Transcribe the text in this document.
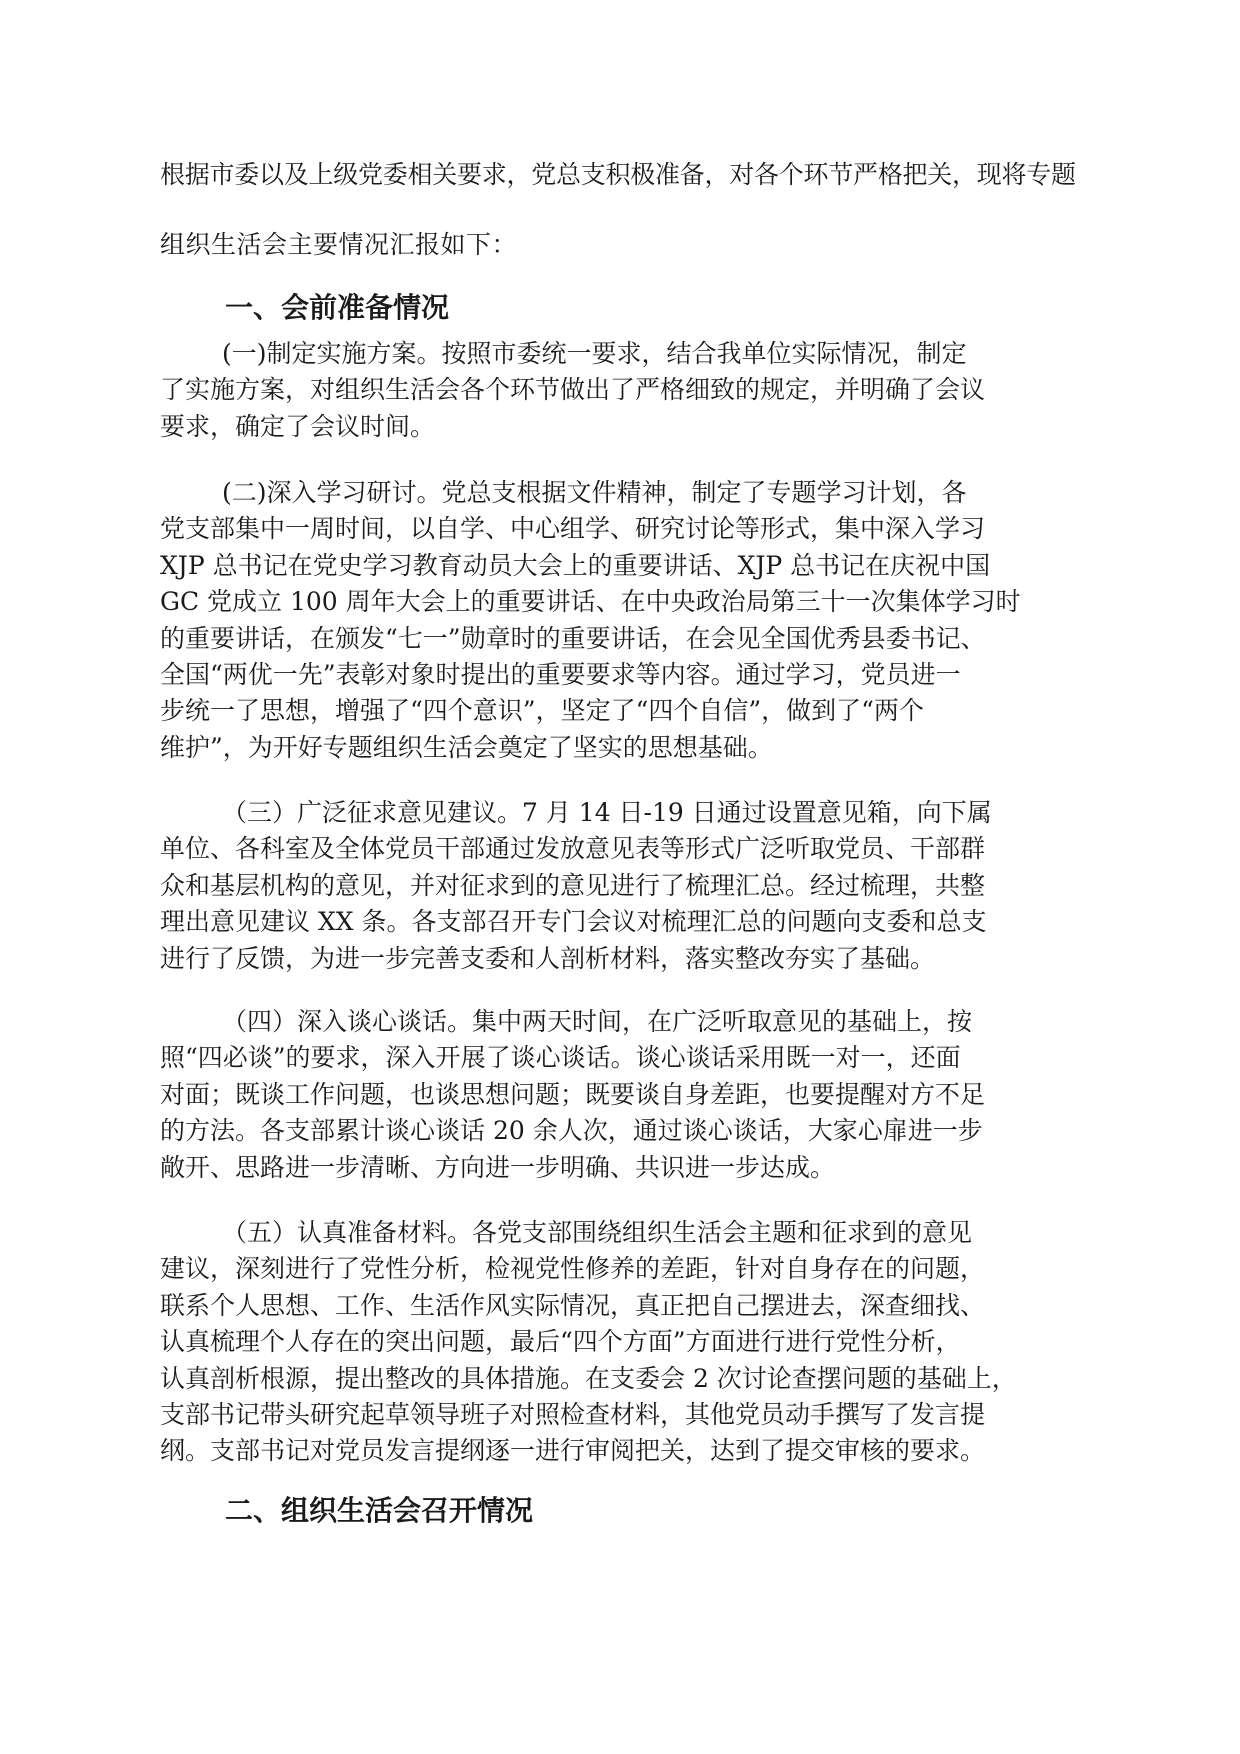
根据市委以及上级党委相关要求，党总支积极准备，对各个环节严格把关，现将专题
组织生活会主要情况汇报如下：
一、会前准备情况
(一)制定实施方案。按照市委统一要求，结合我单位实际情况，制定
了实施方案，对组织生活会各个环节做出了严格细致的规定，并明确了会议
要求，确定了会议时间。
(二)深入学习研讨。党总支根据文件精神，制定了专题学习计划，各
党支部集中一周时间，以自学、中心组学、研究讨论等形式，集中深入学习
XJP 总书记在党史学习教育动员大会上的重要讲话、XJP 总书记在庆祝中国
GC 党成立 100 周年大会上的重要讲话、在中央政治局第三十一次集体学习时
的重要讲话，在颁发“七一”勋章时的重要讲话，在会见全国优秀县委书记、
全国“两优一先”表彰对象时提出的重要要求等内容。通过学习，党员进一
步统一了思想，增强了“四个意识”，坚定了“四个自信”，做到了“两个
维护”，为开好专题组织生活会奠定了坚实的思想基础。
（三）广泛征求意见建议。7 月 14 日-19 日通过设置意见箱，向下属
单位、各科室及全体党员干部通过发放意见表等形式广泛听取党员、干部群
众和基层机构的意见，并对征求到的意见进行了梳理汇总。经过梳理，共整
理出意见建议 XX 条。各支部召开专门会议对梳理汇总的问题向支委和总支
进行了反馈，为进一步完善支委和人剖析材料，落实整改夯实了基础。
（四）深入谈心谈话。集中两天时间，在广泛听取意见的基础上，按
照“四必谈”的要求，深入开展了谈心谈话。谈心谈话采用既一对一，还面
对面；既谈工作问题，也谈思想问题；既要谈自身差距，也要提醒对方不足
的方法。各支部累计谈心谈话 20 余人次，通过谈心谈话，大家心扉进一步
敞开、思路进一步清晰、方向进一步明确、共识进一步达成。
（五）认真准备材料。各党支部围绕组织生活会主题和征求到的意见
建议，深刻进行了党性分析，检视党性修养的差距，针对自身存在的问题，
联系个人思想、工作、生活作风实际情况，真正把自己摆进去，深查细找、
认真梳理个人存在的突出问题，最后“四个方面”方面进行进行党性分析，
认真剖析根源，提出整改的具体措施。在支委会 2 次讨论查摆问题的基础上，
支部书记带头研究起草领导班子对照检查材料，其他党员动手撰写了发言提
纲。支部书记对党员发言提纲逐一进行审阅把关，达到了提交审核的要求。
二、组织生活会召开情况
